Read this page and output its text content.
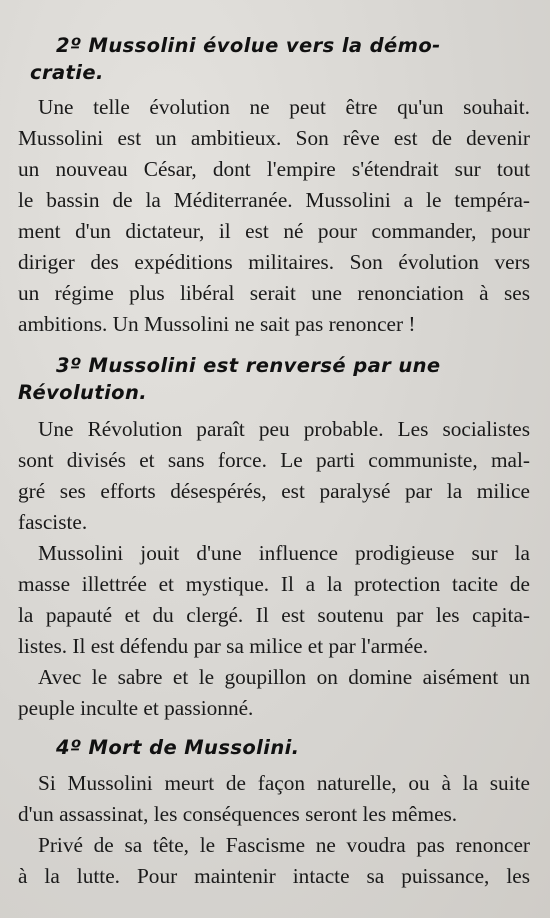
2º Mussolini évolue vers la démo-
cratie.

Une telle évolution ne peut être qu'un souhait.
Mussolini est un ambitieux. Son rêve est de devenir
un nouveau César, dont l'empire s'étendrait sur tout
le bassin de la Méditerranée. Mussolini a le tempéra-
ment d'un dictateur, il est né pour commander, pour
diriger des expéditions militaires. Son évolution vers
un régime plus libéral serait une renonciation à ses
ambitions. Un Mussolini ne sait pas renoncer !

3º Mussolini est renversé par une
Révolution.

Une Révolution paraît peu probable. Les socialistes
sont divisés et sans force. Le parti communiste, mal-
gré ses efforts désespérés, est paralysé par la milice
fasciste.

Mussolini jouit d'une influence prodigieuse sur la
masse illettrée et mystique. Il a la protection tacite de
la papauté et du clergé. Il est soutenu par les capita-
listes. Il est défendu par sa milice et par l'armée.

Avec le sabre et le goupillon on domine aisément un
peuple inculte et passionné.

4º Mort de Mussolini.

Si Mussolini meurt de façon naturelle, ou à la suite
d'un assassinat, les conséquences seront les mêmes.

Privé de sa tête, le Fascisme ne voudra pas renoncer
à la lutte. Pour maintenir intacte sa puissance, les
